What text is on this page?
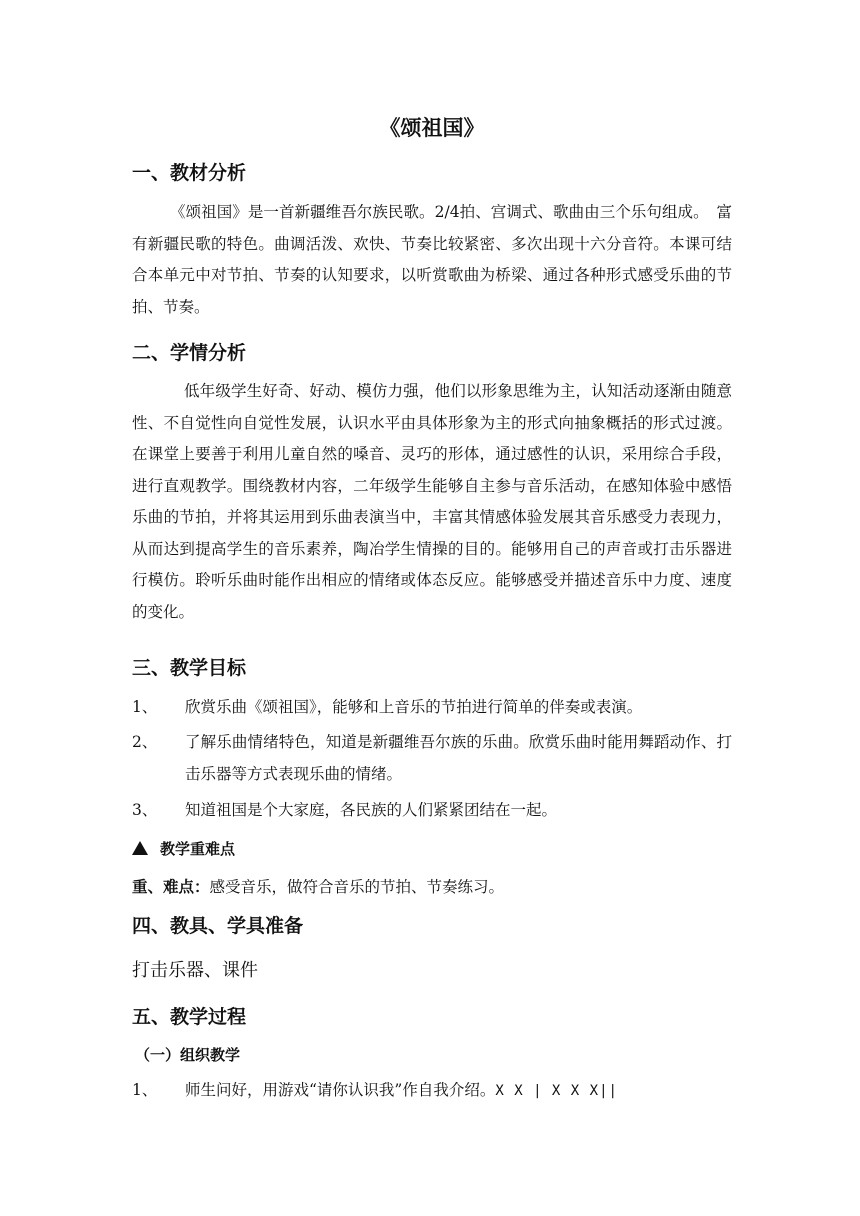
《颂祖国》
一、教材分析

《颂祖国》是一首新疆维吾尔族民歌。2/4拍、宫调式、歌曲由三个乐句组成。　富有新疆民歌的特色。曲调活泼、欢快、节奏比较紧密、多次出现十六分音符。本课可结合本单元中对节拍、节奏的认知要求，以听赏歌曲为桥梁、通过各种形式感受乐曲的节拍、节奏。

二、学情分析

低年级学生好奇、好动、模仿力强，他们以形象思维为主，认知活动逐渐由随意性、不自觉性向自觉性发展，认识水平由具体形象为主的形式向抽象概括的形式过渡。在课堂上要善于利用儿童自然的嗓音、灵巧的形体，通过感性的认识，采用综合手段，进行直观教学。围绕教材内容，二年级学生能够自主参与音乐活动，在感知体验中感悟乐曲的节拍，并将其运用到乐曲表演当中，丰富其情感体验发展其音乐感受力表现力，从而达到提高学生的音乐素养，陶冶学生情操的目的。能够用自己的声音或打击乐器进行模仿。聆听乐曲时能作出相应的情绪或体态反应。能够感受并描述音乐中力度、速度的变化。

三、教学目标
1、	欣赏乐曲《颂祖国》，能够和上音乐的节拍进行简单的伴奏或表演。
2、	了解乐曲情绪特色，知道是新疆维吾尔族的乐曲。欣赏乐曲时能用舞蹈动作、打击乐器等方式表现乐曲的情绪。
3、	知道祖国是个大家庭，各民族的人们紧紧团结在一起。
教学重难点
重、难点：感受音乐，做符合音乐的节拍、节奏练习。
四、教具、学具准备
打击乐器、课件
五、教学过程
（一）组织教学
1、	师生问好，用游戏“请你认识我”作自我介绍。X X | X X X||
